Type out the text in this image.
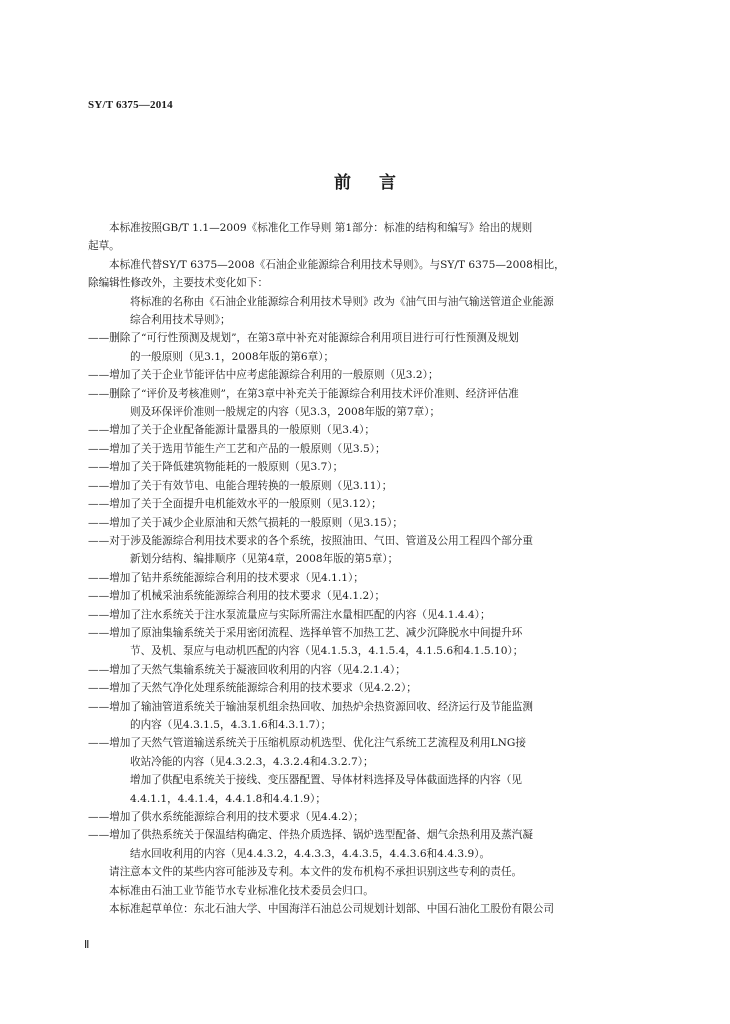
SY/T 6375—2014
前言

本标准按照GB/T 1.1—2009《标准化工作导则 第1部分：标准的结构和编写》给出的规则
起草。

本标准代替SY/T 6375—2008《石油企业能源综合利用技术导则》。与SY/T 6375—2008相比，
除编辑性修改外，主要技术变化如下：

将标准的名称由《石油企业能源综合利用技术导则》改为《油气田与油气输送管道企业能源
综合利用技术导则》；

——删除了“可行性预测及规划”，在第3章中补充对能源综合利用项目进行可行性预测及规划
的一般原则（见3.1，2008年版的第6章）；

——增加了关于企业节能评估中应考虑能源综合利用的一般原则（见3.2）；

——删除了“评价及考核准则”，在第3章中补充关于能源综合利用技术评价准则、经济评估准
则及环保评价准则一般规定的内容（见3.3，2008年版的第7章）；

——增加了关于企业配备能源计量器具的一般原则（见3.4）；

——增加了关于选用节能生产工艺和产品的一般原则（见3.5）；

——增加了关于降低建筑物能耗的一般原则（见3.7）；

——增加了关于有效节电、电能合理转换的一般原则（见3.11）；

——增加了关于全面提升电机能效水平的一般原则（见3.12）；

——增加了关于减少企业原油和天然气损耗的一般原则（见3.15）；

——对于涉及能源综合利用技术要求的各个系统，按照油田、气田、管道及公用工程四个部分重
新划分结构、编排顺序（见第4章，2008年版的第5章）；

——增加了钻井系统能源综合利用的技术要求（见4.1.1）；

——增加了机械采油系统能源综合利用的技术要求（见4.1.2）；

——增加了注水系统关于注水泵流量应与实际所需注水量相匹配的内容（见4.1.4.4）；

——增加了原油集输系统关于采用密闭流程、选择单管不加热工艺、减少沉降脱水中间提升环
节、及机、泵应与电动机匹配的内容（见4.1.5.3，4.1.5.4，4.1.5.6和4.1.5.10）；

——增加了天然气集输系统关于凝液回收利用的内容（见4.2.1.4）；

——增加了天然气净化处理系统能源综合利用的技术要求（见4.2.2）；

——增加了输油管道系统关于输油泵机组余热回收、加热炉余热资源回收、经济运行及节能监测
的内容（见4.3.1.5，4.3.1.6和4.3.1.7）；

——增加了天然气管道输送系统关于压缩机原动机选型、优化注气系统工艺流程及利用LNG接
收站冷能的内容（见4.3.2.3，4.3.2.4和4.3.2.7）；

增加了供配电系统关于接线、变压器配置、导体材料选择及导体截面选择的内容（见
4.4.1.1，4.4.1.4，4.4.1.8和4.4.1.9）；

——增加了供水系统能源综合利用的技术要求（见4.4.2）；

——增加了供热系统关于保温结构确定、伴热介质选择、锅炉选型配备、烟气余热利用及蒸汽凝
结水回收利用的内容（见4.4.3.2，4.4.3.3，4.4.3.5，4.4.3.6和4.4.3.9）。

请注意本文件的某些内容可能涉及专利。本文件的发布机构不承担识别这些专利的责任。

本标准由石油工业节能节水专业标准化技术委员会归口。

本标准起草单位：东北石油大学、中国海洋石油总公司规划计划部、中国石油化工股份有限公司

Ⅱ
